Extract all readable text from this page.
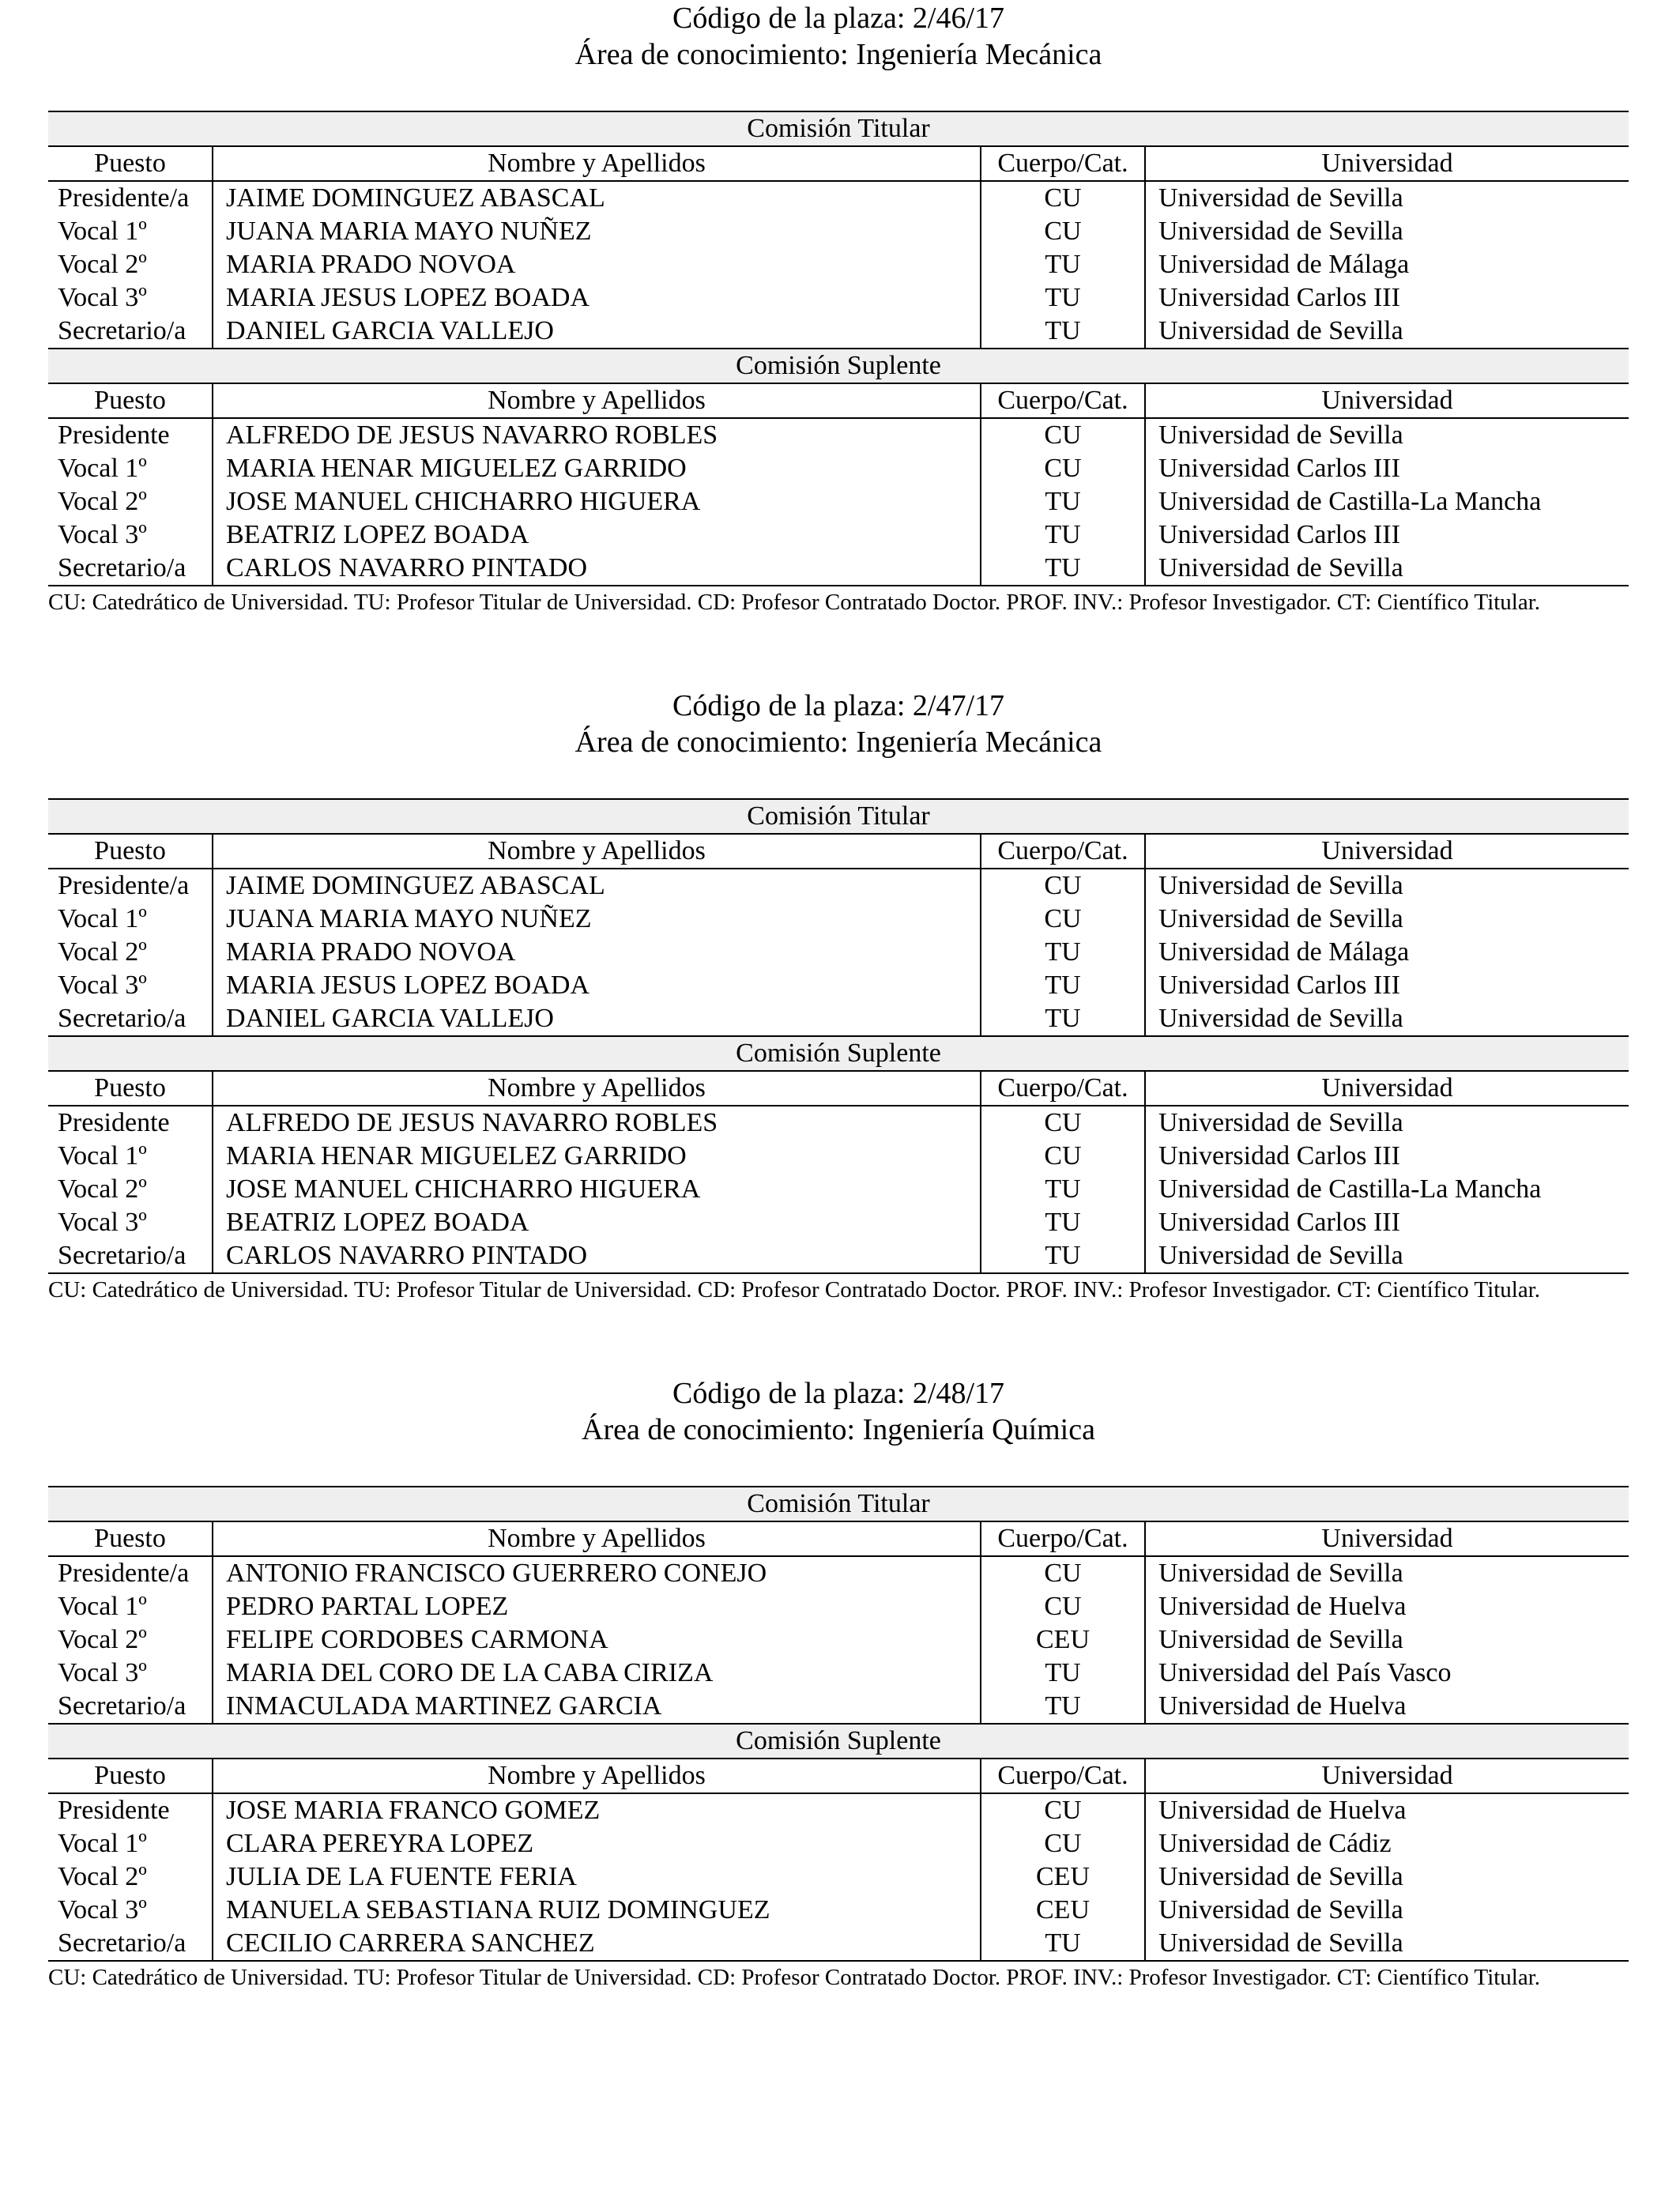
Código de la plaza: 2/46/17
Área de conocimiento: Ingeniería Mecánica
Comisión Titular			
Puesto	Nombre y Apellidos	Cuerpo/Cat.	Universidad
Presidente/a	JAIME DOMINGUEZ ABASCAL	CU	Universidad de Sevilla
Vocal 1º	JUANA MARIA MAYO NUÑEZ	CU	Universidad de Sevilla
Vocal 2º	MARIA PRADO NOVOA	TU	Universidad de Málaga
Vocal 3º	MARIA JESUS LOPEZ BOADA	TU	Universidad Carlos III
Secretario/a	DANIEL GARCIA VALLEJO	TU	Universidad de Sevilla
Comisión Suplente			
Puesto	Nombre y Apellidos	Cuerpo/Cat.	Universidad
Presidente	ALFREDO DE JESUS NAVARRO ROBLES	CU	Universidad de Sevilla
Vocal 1º	MARIA HENAR MIGUELEZ GARRIDO	CU	Universidad Carlos III
Vocal 2º	JOSE MANUEL CHICHARRO HIGUERA	TU	Universidad de Castilla-La Mancha
Vocal 3º	BEATRIZ LOPEZ BOADA	TU	Universidad Carlos III
Secretario/a	CARLOS NAVARRO PINTADO	TU	Universidad de Sevilla
CU: Catedrático de Universidad. TU: Profesor Titular de Universidad. CD: Profesor Contratado Doctor. PROF. INV.: Profesor Investigador. CT: Científico Titular.
Código de la plaza: 2/47/17
Área de conocimiento: Ingeniería Mecánica
Comisión Titular			
Puesto	Nombre y Apellidos	Cuerpo/Cat.	Universidad
Presidente/a	JAIME DOMINGUEZ ABASCAL	CU	Universidad de Sevilla
Vocal 1º	JUANA MARIA MAYO NUÑEZ	CU	Universidad de Sevilla
Vocal 2º	MARIA PRADO NOVOA	TU	Universidad de Málaga
Vocal 3º	MARIA JESUS LOPEZ BOADA	TU	Universidad Carlos III
Secretario/a	DANIEL GARCIA VALLEJO	TU	Universidad de Sevilla
Comisión Suplente			
Puesto	Nombre y Apellidos	Cuerpo/Cat.	Universidad
Presidente	ALFREDO DE JESUS NAVARRO ROBLES	CU	Universidad de Sevilla
Vocal 1º	MARIA HENAR MIGUELEZ GARRIDO	CU	Universidad Carlos III
Vocal 2º	JOSE MANUEL CHICHARRO HIGUERA	TU	Universidad de Castilla-La Mancha
Vocal 3º	BEATRIZ LOPEZ BOADA	TU	Universidad Carlos III
Secretario/a	CARLOS NAVARRO PINTADO	TU	Universidad de Sevilla
CU: Catedrático de Universidad. TU: Profesor Titular de Universidad. CD: Profesor Contratado Doctor. PROF. INV.: Profesor Investigador. CT: Científico Titular.
Código de la plaza: 2/48/17
Área de conocimiento: Ingeniería Química
Comisión Titular			
Puesto	Nombre y Apellidos	Cuerpo/Cat.	Universidad
Presidente/a	ANTONIO FRANCISCO GUERRERO CONEJO	CU	Universidad de Sevilla
Vocal 1º	PEDRO PARTAL LOPEZ	CU	Universidad de Huelva
Vocal 2º	FELIPE CORDOBES CARMONA	CEU	Universidad de Sevilla
Vocal 3º	MARIA DEL CORO DE LA CABA CIRIZA	TU	Universidad del País Vasco
Secretario/a	INMACULADA MARTINEZ GARCIA	TU	Universidad de Huelva
Comisión Suplente			
Puesto	Nombre y Apellidos	Cuerpo/Cat.	Universidad
Presidente	JOSE MARIA FRANCO GOMEZ	CU	Universidad de Huelva
Vocal 1º	CLARA PEREYRA LOPEZ	CU	Universidad de Cádiz
Vocal 2º	JULIA DE LA FUENTE FERIA	CEU	Universidad de Sevilla
Vocal 3º	MANUELA SEBASTIANA RUIZ DOMINGUEZ	CEU	Universidad de Sevilla
Secretario/a	CECILIO CARRERA SANCHEZ	TU	Universidad de Sevilla
CU: Catedrático de Universidad. TU: Profesor Titular de Universidad. CD: Profesor Contratado Doctor. PROF. INV.: Profesor Investigador. CT: Científico Titular.
